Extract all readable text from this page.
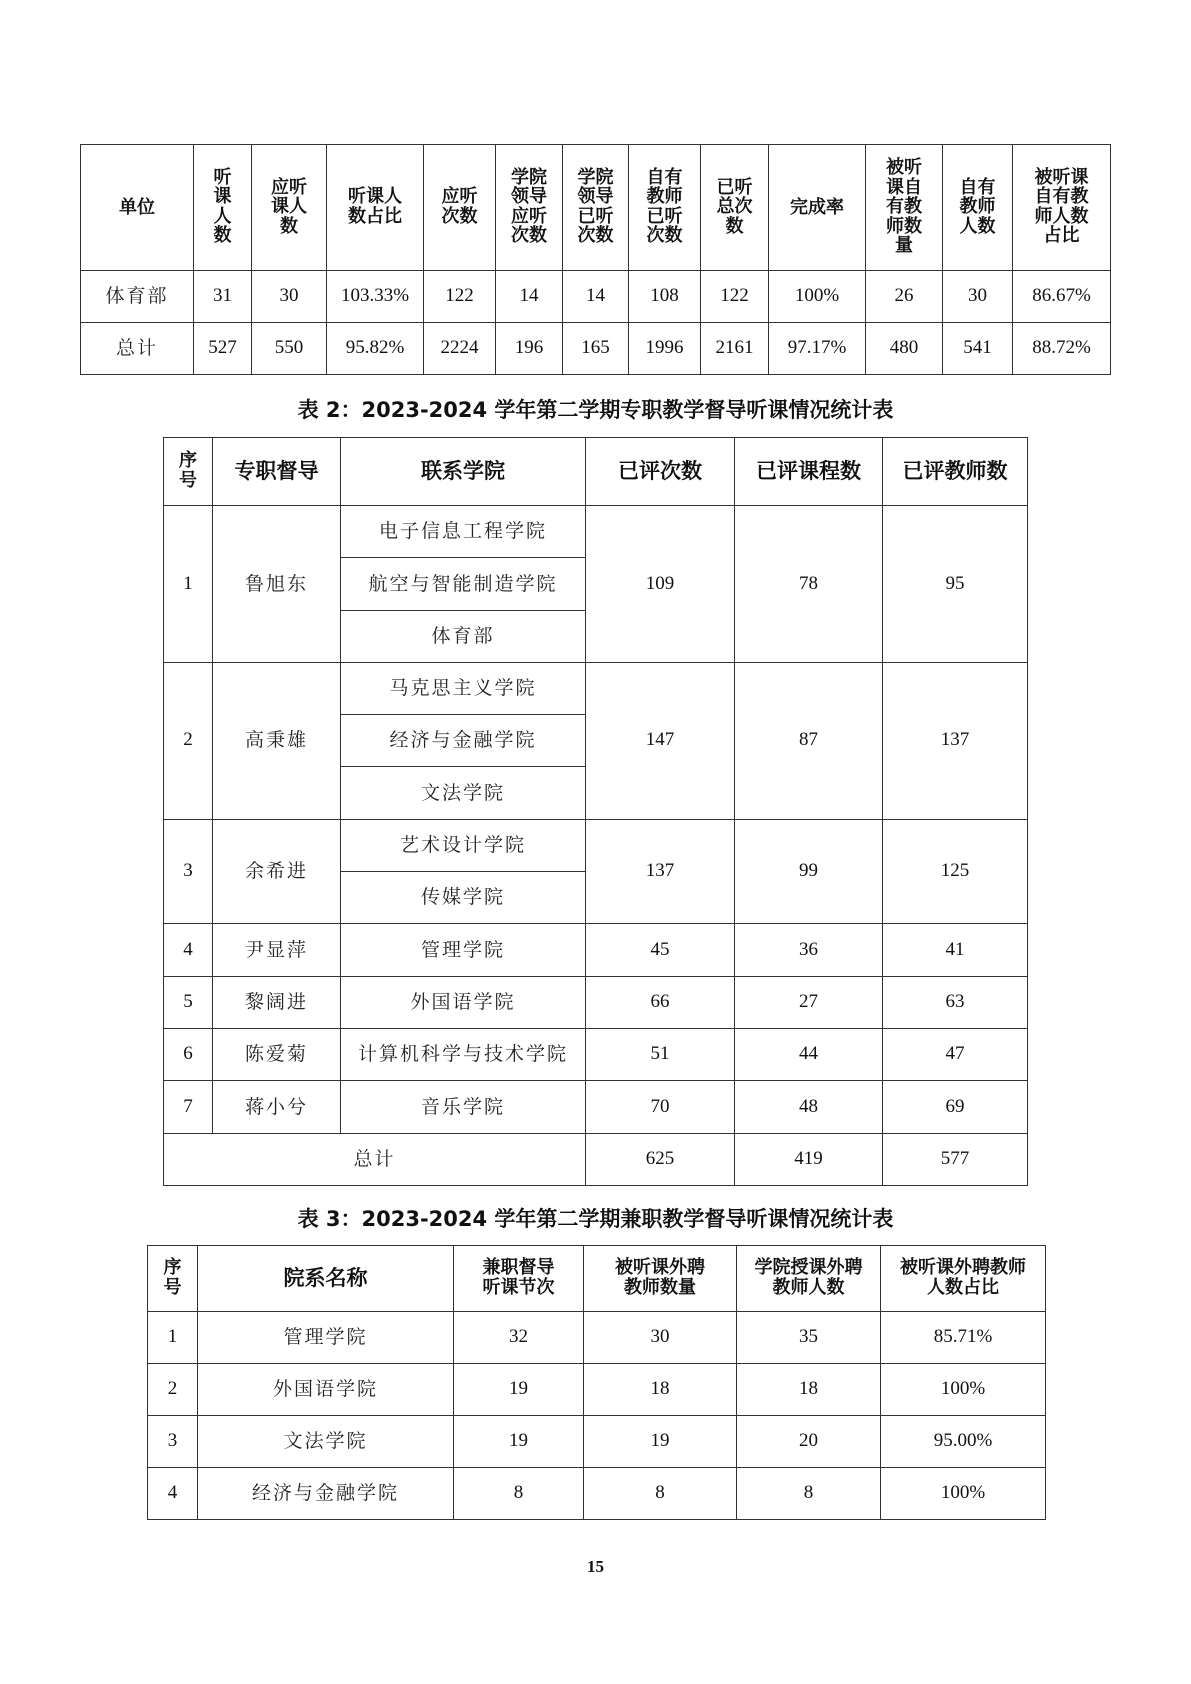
单位	听课人数	应听课人数	听课人数占比	应听次数	学院领导应听次数	学院领导已听次数	自有教师已听次数	已听总次数	完成率	被听课自有教师数量	自有教师人数	被听课自有教师人数占比
体育部	31	30	103.33%	122	14	14	108	122	100%	26	30	86.67%
总计	527	550	95.82%	2224	196	165	1996	2161	97.17%	480	541	88.72%
表 2：2023-2024 学年第二学期专职教学督导听课情况统计表
序号	专职督导	联系学院	已评次数	已评课程数	已评教师数
1	鲁旭东	电子信息工程学院	109	78	95
		航空与智能制造学院			
		体育部			
2	高秉雄	马克思主义学院	147	87	137
		经济与金融学院			
		文法学院			
3	余希进	艺术设计学院	137	99	125
		传媒学院			
4	尹显萍	管理学院	45	36	41
5	黎阔进	外国语学院	66	27	63
6	陈爱菊	计算机科学与技术学院	51	44	47
7	蒋小兮	音乐学院	70	48	69
总计			625	419	577
表 3：2023-2024 学年第二学期兼职教学督导听课情况统计表
序号	院系名称	兼职督导听课节次	被听课外聘教师数量	学院授课外聘教师人数	被听课外聘教师人数占比
1	管理学院	32	30	35	85.71%
2	外国语学院	19	18	18	100%
3	文法学院	19	19	20	95.00%
4	经济与金融学院	8	8	8	100%
15
